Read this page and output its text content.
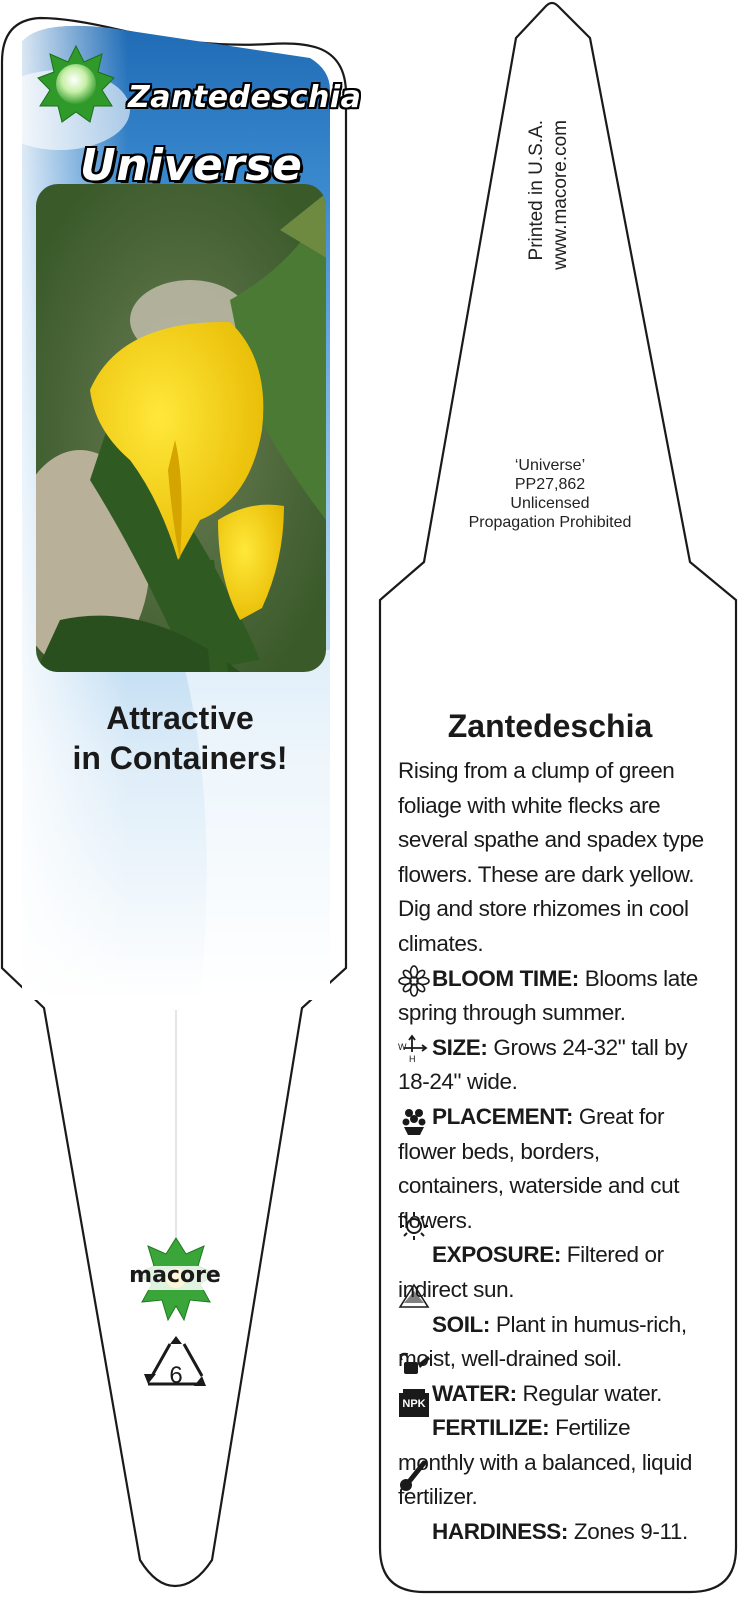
Zantedeschia
Universe
Attractive
in Containers!
macore
6
Printed in U.S.A. www.macore.com
‘Universe’
PP27,862
Unlicensed
Propagation Prohibited
Zantedeschia

Rising from a clump of green foliage with white flecks are several spathe and spadex type flowers. These are dark yellow. Dig and store rhizomes in cool climates.

BLOOM TIME: Blooms late spring through summer.

SIZE: Grows 24-32" tall by 18-24" wide.

PLACEMENT: Great for flower beds, borders, containers, waterside and cut flowers.

EXPOSURE: Filtered or indirect sun.

SOIL: Plant in humus-rich, moist, well-drained soil.

WATER: Regular water.

FERTILIZE: Fertilize monthly with a balanced, liquid fertilizer.

HARDINESS: Zones 9-11.

NPK
W
H
